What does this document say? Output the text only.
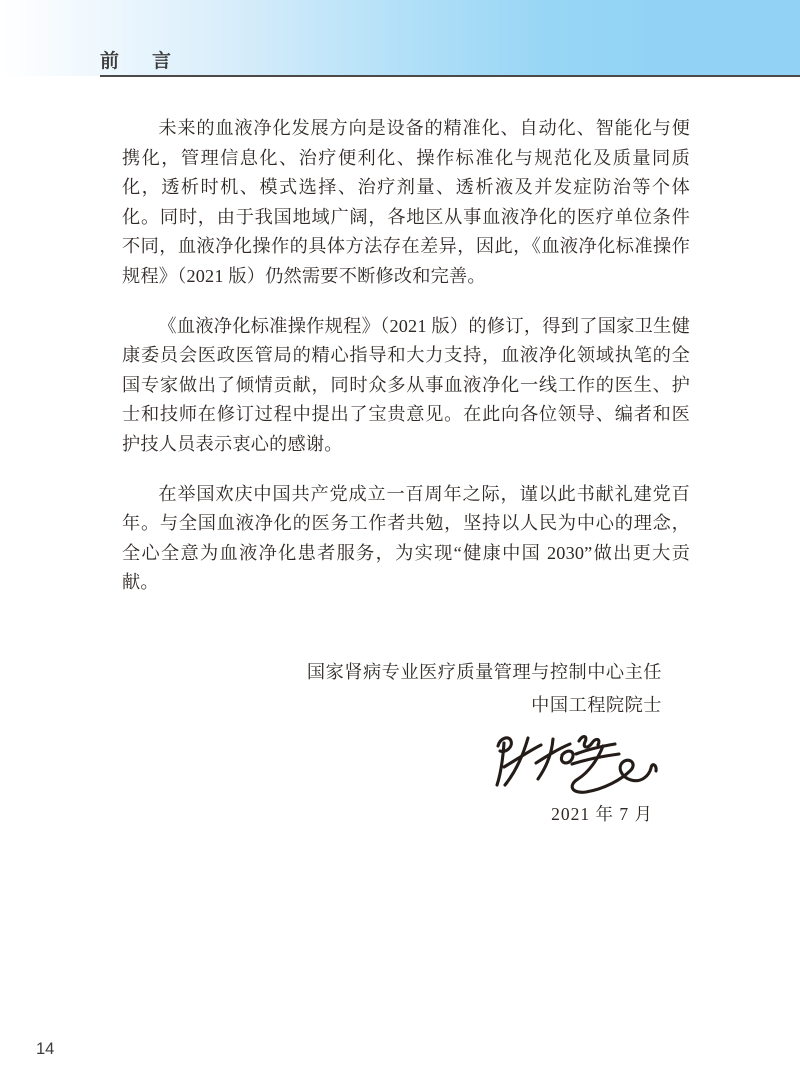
前　言

未来的血液净化发展方向是设备的精准化、自动化、智能化与便携化，管理信息化、治疗便利化、操作标准化与规范化及质量同质化，透析时机、模式选择、治疗剂量、透析液及并发症防治等个体化。同时，由于我国地域广阔，各地区从事血液净化的医疗单位条件不同，血液净化操作的具体方法存在差异，因此，《血液净化标准操作规程》（2021 版）仍然需要不断修改和完善。

《血液净化标准操作规程》（2021 版）的修订，得到了国家卫生健康委员会医政医管局的精心指导和大力支持，血液净化领域执笔的全国专家做出了倾情贡献，同时众多从事血液净化一线工作的医生、护士和技师在修订过程中提出了宝贵意见。在此向各位领导、编者和医护技人员表示衷心的感谢。

在举国欢庆中国共产党成立一百周年之际，谨以此书献礼建党百年。与全国血液净化的医务工作者共勉，坚持以人民为中心的理念，全心全意为血液净化患者服务，为实现“健康中国 2030”做出更大贡献。

国家肾病专业医疗质量管理与控制中心主任
中国工程院院士
2021 年 7 月
14
